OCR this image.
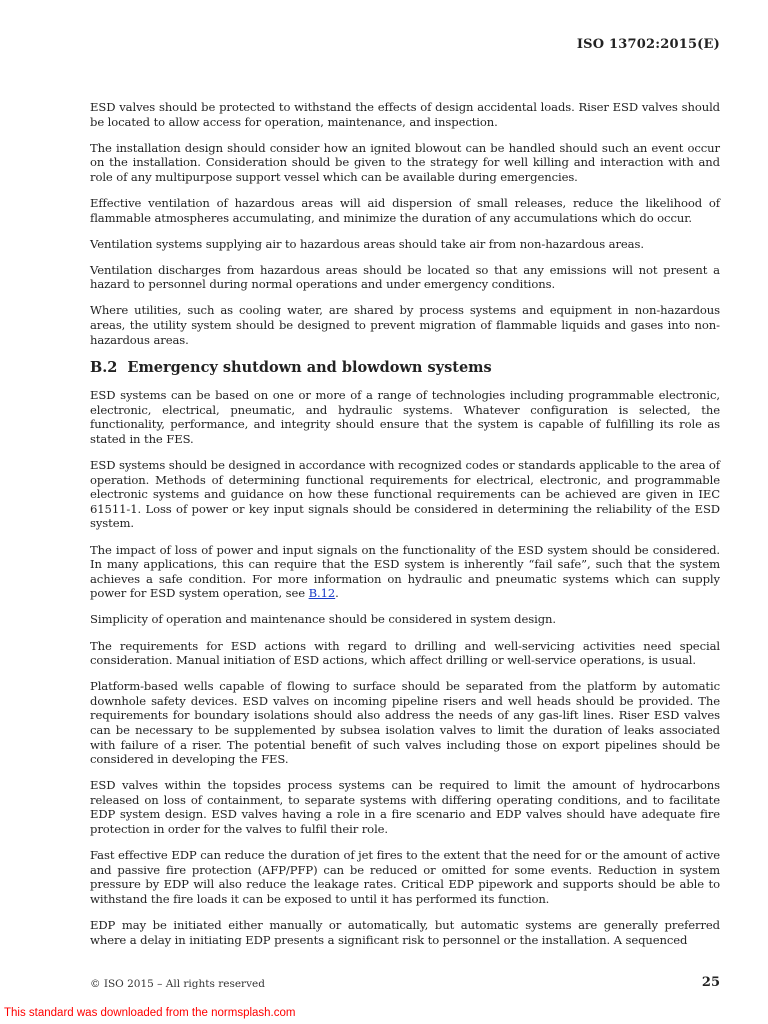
ISO 13702:2015(E)

ESD valves should be protected to withstand the effects of design accidental loads. Riser ESD valves should be located to allow access for operation, maintenance, and inspection.

The installation design should consider how an ignited blowout can be handled should such an event occur on the installation. Consideration should be given to the strategy for well killing and interaction with and role of any multipurpose support vessel which can be available during emergencies.

Effective ventilation of hazardous areas will aid dispersion of small releases, reduce the likelihood of flammable atmospheres accumulating, and minimize the duration of any accumulations which do occur.

Ventilation systems supplying air to hazardous areas should take air from non-hazardous areas.

Ventilation discharges from hazardous areas should be located so that any emissions will not present a hazard to personnel during normal operations and under emergency conditions.

Where utilities, such as cooling water, are shared by process systems and equipment in non-hazardous areas, the utility system should be designed to prevent migration of flammable liquids and gases into non-hazardous areas.

B.2 Emergency shutdown and blowdown systems

ESD systems can be based on one or more of a range of technologies including programmable electronic, electronic, electrical, pneumatic, and hydraulic systems. Whatever configuration is selected, the functionality, performance, and integrity should ensure that the system is capable of fulfilling its role as stated in the FES.

ESD systems should be designed in accordance with recognized codes or standards applicable to the area of operation. Methods of determining functional requirements for electrical, electronic, and programmable electronic systems and guidance on how these functional requirements can be achieved are given in IEC 61511-1. Loss of power or key input signals should be considered in determining the reliability of the ESD system.

The impact of loss of power and input signals on the functionality of the ESD system should be considered. In many applications, this can require that the ESD system is inherently “fail safe”, such that the system achieves a safe condition. For more information on hydraulic and pneumatic systems which can supply power for ESD system operation, see B.12.

Simplicity of operation and maintenance should be considered in system design.

The requirements for ESD actions with regard to drilling and well-servicing activities need special consideration. Manual initiation of ESD actions, which affect drilling or well-service operations, is usual.

Platform-based wells capable of flowing to surface should be separated from the platform by automatic downhole safety devices. ESD valves on incoming pipeline risers and well heads should be provided. The requirements for boundary isolations should also address the needs of any gas-lift lines. Riser ESD valves can be necessary to be supplemented by subsea isolation valves to limit the duration of leaks associated with failure of a riser. The potential benefit of such valves including those on export pipelines should be considered in developing the FES.

ESD valves within the topsides process systems can be required to limit the amount of hydrocarbons released on loss of containment, to separate systems with differing operating conditions, and to facilitate EDP system design. ESD valves having a role in a fire scenario and EDP valves should have adequate fire protection in order for the valves to fulfil their role.

Fast effective EDP can reduce the duration of jet fires to the extent that the need for or the amount of active and passive fire protection (AFP/PFP) can be reduced or omitted for some events. Reduction in system pressure by EDP will also reduce the leakage rates. Critical EDP pipework and supports should be able to withstand the fire loads it can be exposed to until it has performed its function.

EDP may be initiated either manually or automatically, but automatic systems are generally preferred where a delay in initiating EDP presents a significant risk to personnel or the installation. A sequenced

© ISO 2015 – All rights reserved	25
This standard was downloaded from the normsplash.com
